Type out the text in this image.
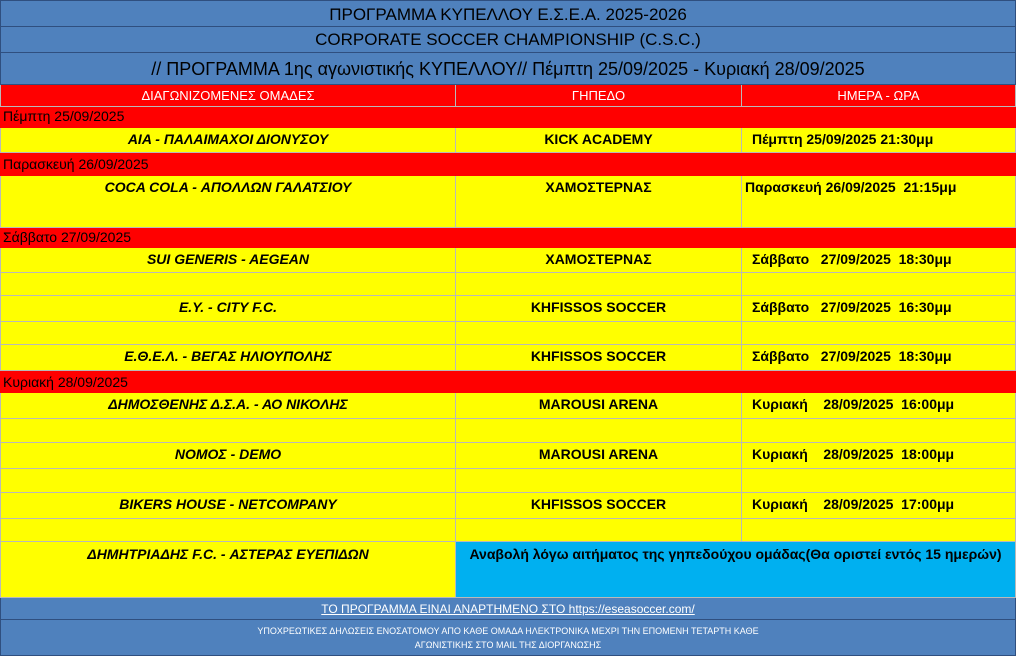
ΠΡΟΓΡΑΜΜΑ ΚΥΠΕΛΛΟΥ Ε.Σ.Ε.Α. 2025-2026
CORPORATE SOCCER CHAMPIONSHIP (C.S.C.)
// ΠΡΟΓΡΑΜΜΑ 1ης αγωνιστικής ΚΥΠΕΛΛΟΥ// Πέμπτη 25/09/2025 - Κυριακή 28/09/2025
ΔΙΑΓΩΝΙΖΟΜΕΝΕΣ ΟΜΑΔΕΣ	ΓΗΠΕΔΟ	ΗΜΕΡΑ - ΩΡΑ
Πέμπτη 25/09/2025
ΑΙΑ - ΠΑΛΑΙΜΑΧΟΙ ΔΙΟΝΥΣΟΥ	KICK ACADEMY	Πέμπτη 25/09/2025 21:30μμ
Παρασκευή 26/09/2025
COCA COLA - ΑΠΟΛΛΩΝ ΓΑΛΑΤΣΙΟΥ	ΧΑΜΟΣΤΕΡΝΑΣ	Παρασκευή 26/09/2025  21:15μμ
Σάββατο 27/09/2025
SUI GENERIS - AEGEAN	ΧΑΜΟΣΤΕΡΝΑΣ	Σάββατο   27/09/2025  18:30μμ
Ε.Υ. - CITY F.C.	KHFISSOS SOCCER	Σάββατο   27/09/2025  16:30μμ
Ε.Θ.Ε.Λ. - ΒΕΓΑΣ ΗΛΙΟΥΠΟΛΗΣ	KHFISSOS SOCCER	Σάββατο   27/09/2025  18:30μμ
Κυριακή 28/09/2025
ΔΗΜΟΣΘΕΝΗΣ Δ.Σ.Α. - ΑΟ ΝΙΚΟΛΗΣ	MAROUSI ARENA	Κυριακή    28/09/2025  16:00μμ
ΝΟΜΟΣ - DEMO	MAROUSI ARENA	Κυριακή    28/09/2025  18:00μμ
BIKERS HOUSE - NETCOMPANY	KHFISSOS SOCCER	Κυριακή    28/09/2025  17:00μμ
ΔΗΜΗΤΡΙΑΔΗΣ F.C. - ΑΣΤΕΡΑΣ ΕΥΕΠΙΔΩΝ	Αναβολή λόγω αιτήματος της γηπεδούχου ομάδας(Θα οριστεί εντός 15 ημερών)
ΤΟ ΠΡΟΓΡΑΜΜΑ ΕΙΝΑΙ ΑΝΑΡΤΗΜΕΝΟ ΣΤΟ https://eseasoccer.com/
ΥΠΟΧΡΕΩΤΙΚΕΣ ΔΗΛΩΣΕΙΣ ΕΝΟΣΑΤΟΜΟΥ ΑΠΟ ΚΑΘΕ ΟΜΑΔΑ ΗΛΕΚΤΡΟΝΙΚΑ ΜΕΧΡΙ ΤΗΝ ΕΠΟΜΕΝΗ ΤΕΤΑΡΤΗ ΚΑΘΕ
ΑΓΩΝΙΣΤΙΚΗΣ ΣΤΟ MAIL ΤΗΣ ΔΙΟΡΓΑΝΩΣΗΣ
